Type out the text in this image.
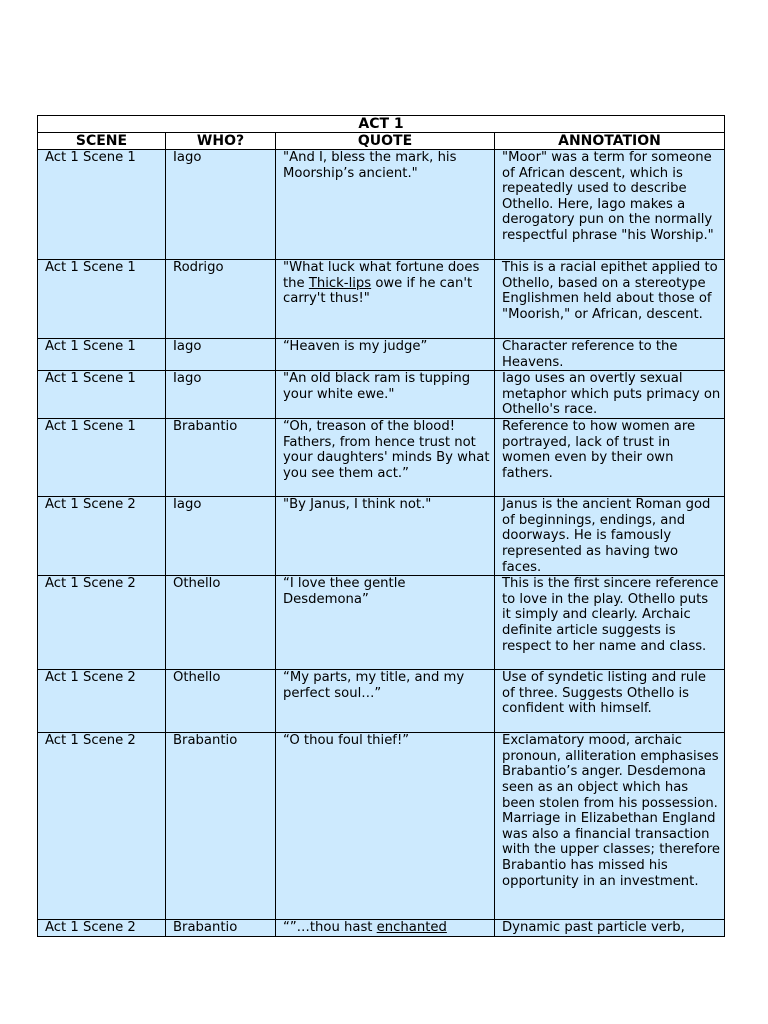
ACT 1			
SCENE	WHO?	QUOTE	ANNOTATION
Act 1 Scene 1	Iago	"And I, bless the mark, his Moorship’s ancient."	"Moor" was a term for someone of African descent, which is repeatedly used to describe Othello. Here, Iago makes a derogatory pun on the normally respectful phrase "his Worship."
Act 1 Scene 1	Rodrigo	"What luck what fortune does the Thick-lips owe if he can't carry't thus!"	This is a racial epithet applied to Othello, based on a stereotype Englishmen held about those of "Moorish," or African, descent.
Act 1 Scene 1	Iago	“Heaven is my judge”	Character reference to the Heavens.
Act 1 Scene 1	Iago	"An old black ram is tupping your white ewe."	Iago uses an overtly sexual metaphor which puts primacy on Othello's race.
Act 1 Scene 1	Brabantio	“Oh, treason of the blood! Fathers, from hence trust not your daughters' minds By what you see them act.”	Reference to how women are portrayed, lack of trust in women even by their own fathers.
Act 1 Scene 2	Iago	"By Janus, I think not."	Janus is the ancient Roman god of beginnings, endings, and doorways. He is famously represented as having two faces.
Act 1 Scene 2	Othello	“I love thee gentle Desdemona”	This is the first sincere reference to love in the play. Othello puts it simply and clearly. Archaic definite article suggests is respect to her name and class.
Act 1 Scene 2	Othello	“My parts, my title, and my perfect soul…”	Use of syndetic listing and rule of three. Suggests Othello is confident with himself.
Act 1 Scene 2	Brabantio	“O thou foul thief!”	Exclamatory mood, archaic pronoun, alliteration emphasises Brabantio’s anger. Desdemona seen as an object which has been stolen from his possession. Marriage in Elizabethan England was also a financial transaction with the upper classes; therefore Brabantio has missed his opportunity in an investment.
Act 1 Scene 2	Brabantio	“”…thou hast enchanted	Dynamic past particle verb,
